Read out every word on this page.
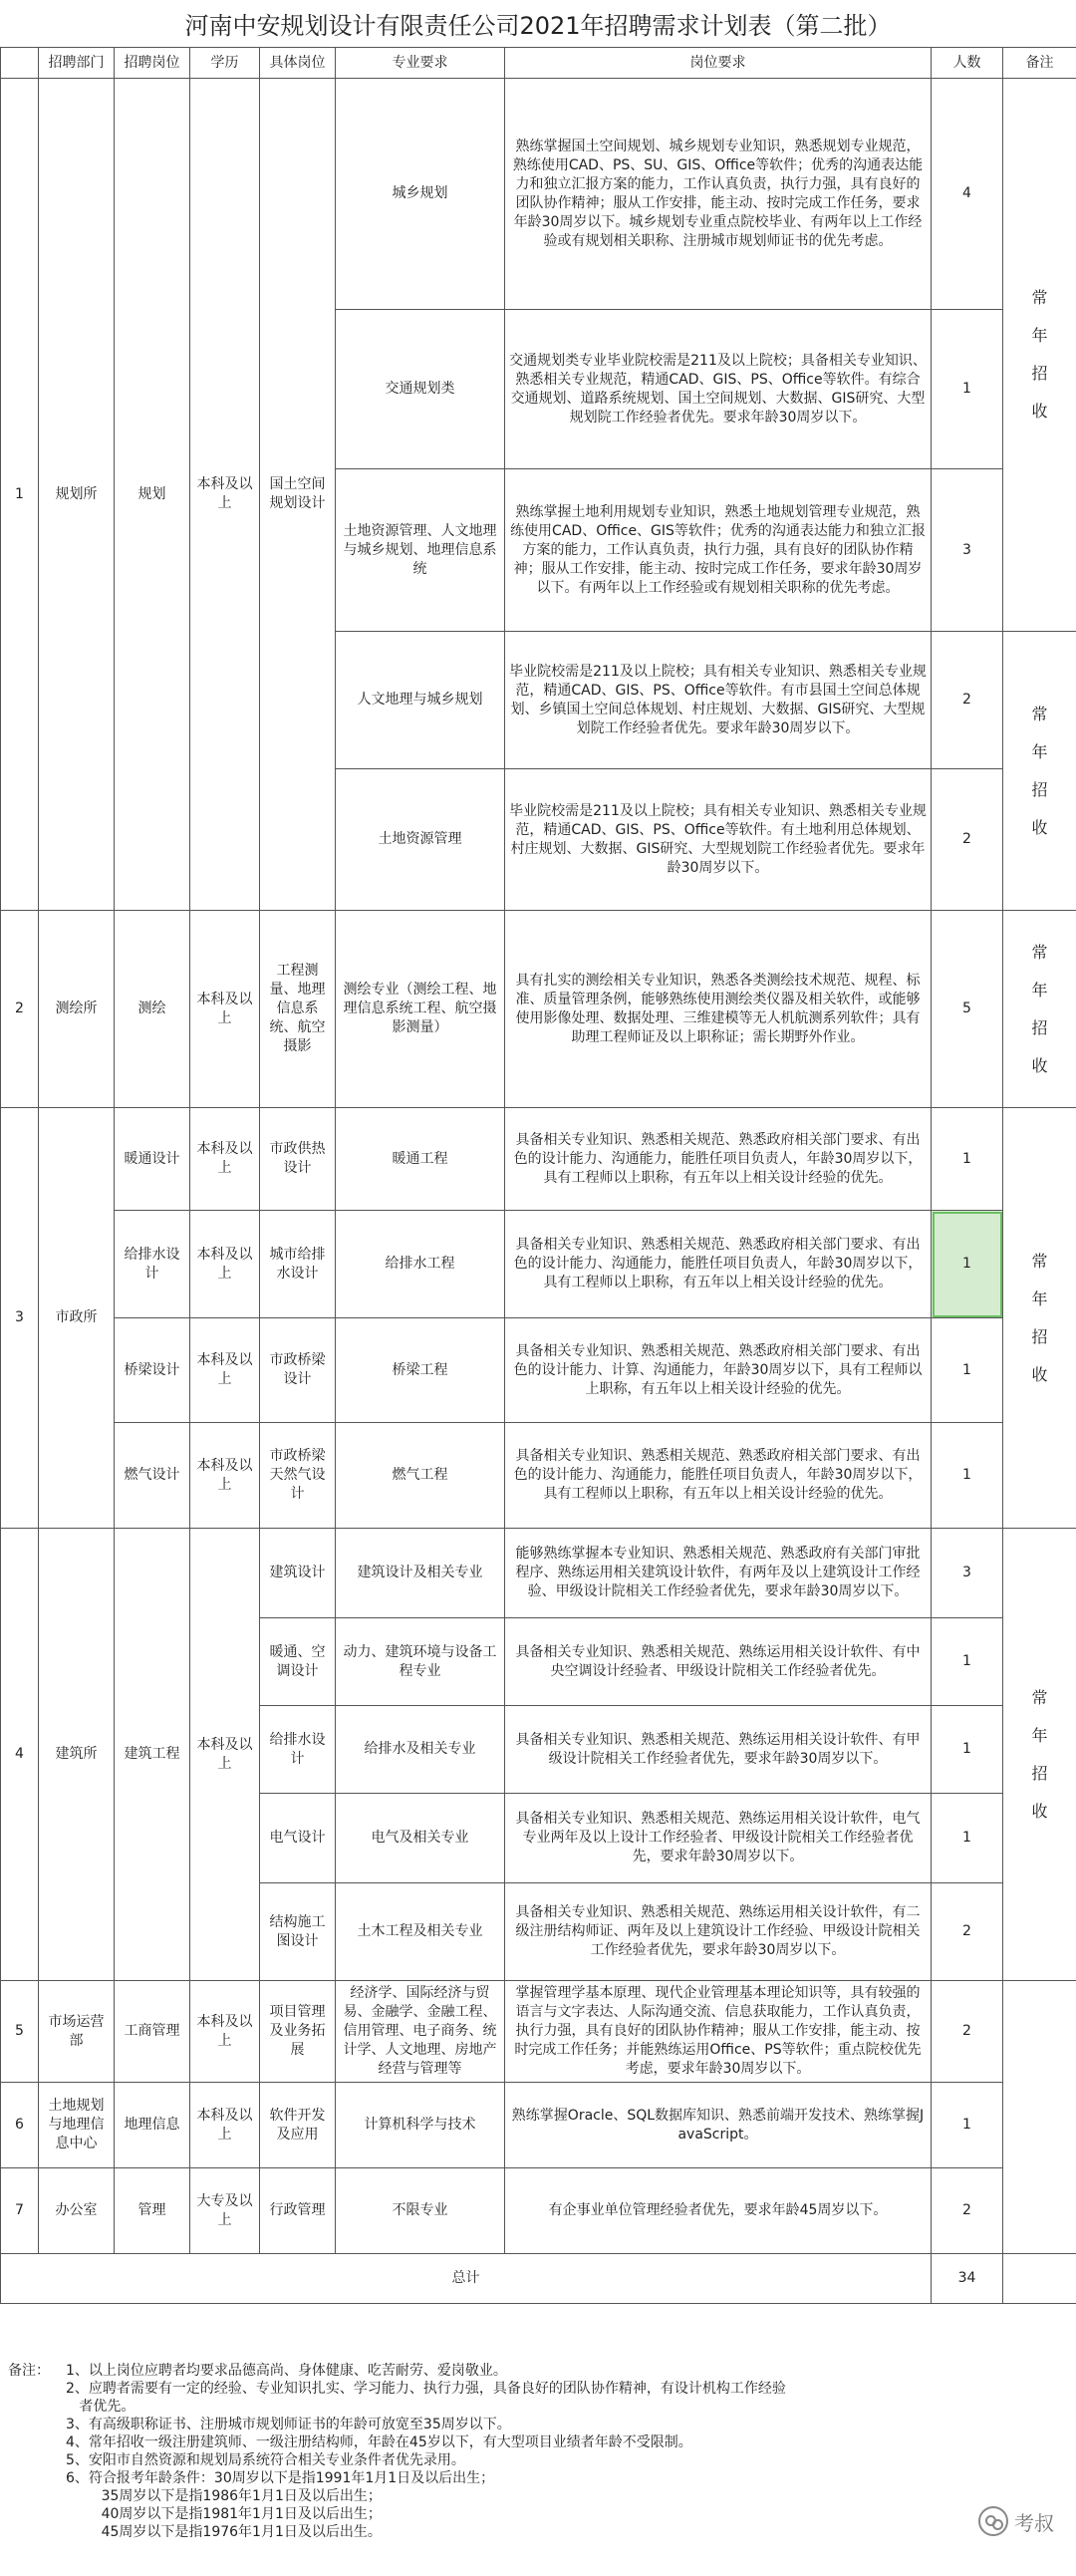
河南中安规划设计有限责任公司2021年招聘需求计划表（第二批）
	招聘部门	招聘岗位	学历	具体岗位	专业要求	岗位要求	人数	备注
1	规划所	规划	本科及以上	国土空间规划设计	城乡规划	熟练掌握国土空间规划、城乡规划专业知识，熟悉规划专业规范，熟练使用CAD、PS、SU、GIS、Office等软件；优秀的沟通表达能力和独立汇报方案的能力，工作认真负责，执行力强，具有良好的团队协作精神；服从工作安排，能主动、按时完成工作任务，要求年龄30周岁以下。城乡规划专业重点院校毕业、有两年以上工作经验或有规划相关职称、注册城市规划师证书的优先考虑。	4	常年招收
					交通规划类	交通规划类专业毕业院校需是211及以上院校；具备相关专业知识、熟悉相关专业规范，精通CAD、GIS、PS、Office等软件。有综合交通规划、道路系统规划、国土空间规划、大数据、GIS研究、大型规划院工作经验者优先。要求年龄30周岁以下。	1	
					土地资源管理、人文地理与城乡规划、地理信息系统	熟练掌握土地利用规划专业知识，熟悉土地规划管理专业规范，熟练使用CAD、Office、GIS等软件；优秀的沟通表达能力和独立汇报方案的能力，工作认真负责，执行力强，具有良好的团队协作精神；服从工作安排，能主动、按时完成工作任务，要求年龄30周岁以下。有两年以上工作经验或有规划相关职称的优先考虑。	3	
					人文地理与城乡规划	毕业院校需是211及以上院校；具有相关专业知识、熟悉相关专业规范，精通CAD、GIS、PS、Office等软件。有市县国土空间总体规划、乡镇国土空间总体规划、村庄规划、大数据、GIS研究、大型规划院工作经验者优先。要求年龄30周岁以下。	2	常年招收
					土地资源管理	毕业院校需是211及以上院校；具有相关专业知识、熟悉相关专业规范，精通CAD、GIS、PS、Office等软件。有土地利用总体规划、村庄规划、大数据、GIS研究、大型规划院工作经验者优先。要求年龄30周岁以下。	2	
2	测绘所	测绘	本科及以上	工程测量、地理信息系统、航空摄影	测绘专业（测绘工程、地理信息系统工程、航空摄影测量）	具有扎实的测绘相关专业知识，熟悉各类测绘技术规范、规程、标准、质量管理条例，能够熟练使用测绘类仪器及相关软件，或能够使用影像处理、数据处理、三维建模等无人机航测系列软件；具有助理工程师证及以上职称证；需长期野外作业。	5	常年招收
3	市政所	暖通设计	本科及以上	市政供热设计	暖通工程	具备相关专业知识、熟悉相关规范、熟悉政府相关部门要求、有出色的设计能力、沟通能力，能胜任项目负责人，年龄30周岁以下，具有工程师以上职称，有五年以上相关设计经验的优先。	1	常年招收
		给排水设计	本科及以上	城市给排水设计	给排水工程	具备相关专业知识、熟悉相关规范、熟悉政府相关部门要求、有出色的设计能力、沟通能力，能胜任项目负责人，年龄30周岁以下，具有工程师以上职称，有五年以上相关设计经验的优先。	1	
		桥梁设计	本科及以上	市政桥梁设计	桥梁工程	具备相关专业知识、熟悉相关规范、熟悉政府相关部门要求、有出色的设计能力、计算、沟通能力，年龄30周岁以下，具有工程师以上职称，有五年以上相关设计经验的优先。	1	
		燃气设计	本科及以上	市政桥梁天然气设计	燃气工程	具备相关专业知识、熟悉相关规范、熟悉政府相关部门要求、有出色的设计能力、沟通能力，能胜任项目负责人，年龄30周岁以下，具有工程师以上职称，有五年以上相关设计经验的优先。	1	
4	建筑所	建筑工程	本科及以上	建筑设计	建筑设计及相关专业	能够熟练掌握本专业知识、熟悉相关规范、熟悉政府有关部门审批程序、熟练运用相关建筑设计软件，有两年及以上建筑设计工作经验、甲级设计院相关工作经验者优先，要求年龄30周岁以下。	3	常年招收
				暖通、空调设计	动力、建筑环境与设备工程专业	具备相关专业知识、熟悉相关规范、熟练运用相关设计软件、有中央空调设计经验者、甲级设计院相关工作经验者优先。	1	
				给排水设计	给排水及相关专业	具备相关专业知识、熟悉相关规范、熟练运用相关设计软件、有甲级设计院相关工作经验者优先，要求年龄30周岁以下。	1	
				电气设计	电气及相关专业	具备相关专业知识、熟悉相关规范、熟练运用相关设计软件，电气专业两年及以上设计工作经验者、甲级设计院相关工作经验者优先，要求年龄30周岁以下。	1	
				结构施工图设计	土木工程及相关专业	具备相关专业知识、熟悉相关规范、熟练运用相关设计软件，有二级注册结构师证、两年及以上建筑设计工作经验、甲级设计院相关工作经验者优先，要求年龄30周岁以下。	2	
5	市场运营部	工商管理	本科及以上	项目管理及业务拓展	经济学、国际经济与贸易、金融学、金融工程、信用管理、电子商务、统计学、人文地理、房地产经营与管理等	掌握管理学基本原理、现代企业管理基本理论知识等，具有较强的语言与文字表达、人际沟通交流、信息获取能力，工作认真负责，执行力强，具有良好的团队协作精神；服从工作安排，能主动、按时完成工作任务；并能熟练运用Office、PS等软件；重点院校优先考虑，要求年龄30周岁以下。	2	
6	土地规划与地理信息中心	地理信息	本科及以上	软件开发及应用	计算机科学与技术	熟练掌握Oracle、SQL数据库知识、熟悉前端开发技术、熟练掌握JavaScript。	1	
7	办公室	管理	大专及以上	行政管理	不限专业	有企事业单位管理经验者优先，要求年龄45周岁以下。	2	
总计							34	
备注： 1、以上岗位应聘者均要求品德高尚、身体健康、吃苦耐劳、爱岗敬业。
2、应聘者需要有一定的经验、专业知识扎实、学习能力、执行力强，具备良好的团队协作精神，有设计机构工作经验
者优先。
3、有高级职称证书、注册城市规划师证书的年龄可放宽至35周岁以下。
4、常年招收一级注册建筑师、一级注册结构师，年龄在45岁以下，有大型项目业绩者年龄不受限制。
5、安阳市自然资源和规划局系统符合相关专业条件者优先录用。
6、符合报考年龄条件：30周岁以下是指1991年1月1日及以后出生；
35周岁以下是指1986年1月1日及以后出生；
40周岁以下是指1981年1月1日及以后出生；
45周岁以下是指1976年1月1日及以后出生。	考叔
